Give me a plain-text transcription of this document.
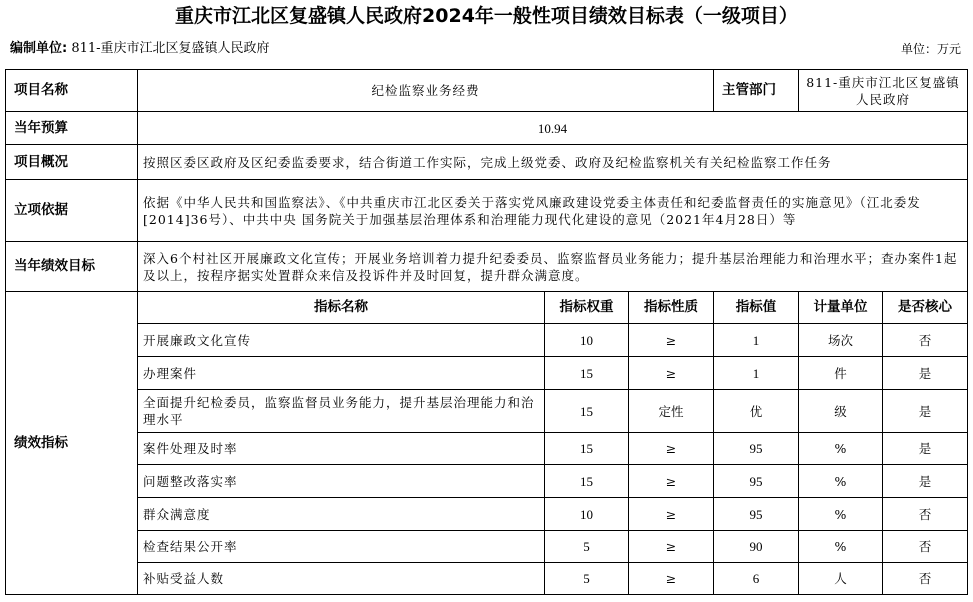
重庆市江北区复盛镇人民政府2024年一般性项目绩效目标表（一级项目）
编制单位: 811-重庆市江北区复盛镇人民政府	单位：万元
项目名称	纪检监察业务经费			主管部门	811-重庆市江北区复盛镇人民政府	
当年预算	10.94					
项目概况	按照区委区政府及区纪委监委要求，结合街道工作实际，完成上级党委、政府及纪检监察机关有关纪检监察工作任务					
立项依据	依据《中华人民共和国监察法》、《中共重庆市江北区委关于落实党风廉政建设党委主体责任和纪委监督责任的实施意见》（江北委发[2014]36号）、中共中央 国务院关于加强基层治理体系和治理能力现代化建设的意见（2021年4月28日）等					
当年绩效目标	深入6个村社区开展廉政文化宣传；开展业务培训着力提升纪委委员、监察监督员业务能力；提升基层治理能力和治理水平；查办案件1起及以上，按程序据实处置群众来信及投诉件并及时回复，提升群众满意度。					
绩效指标	指标名称	指标权重	指标性质	指标值	计量单位	是否核心
	开展廉政文化宣传	10	≥	1	场次	否
	办理案件	15	≥	1	件	是
	全面提升纪检委员，监察监督员业务能力，提升基层治理能力和治理水平	15	定性	优	级	是
	案件处理及时率	15	≥	95	%	是
	问题整改落实率	15	≥	95	%	是
	群众满意度	10	≥	95	%	否
	检查结果公开率	5	≥	90	%	否
	补贴受益人数	5	≥	6	人	否
